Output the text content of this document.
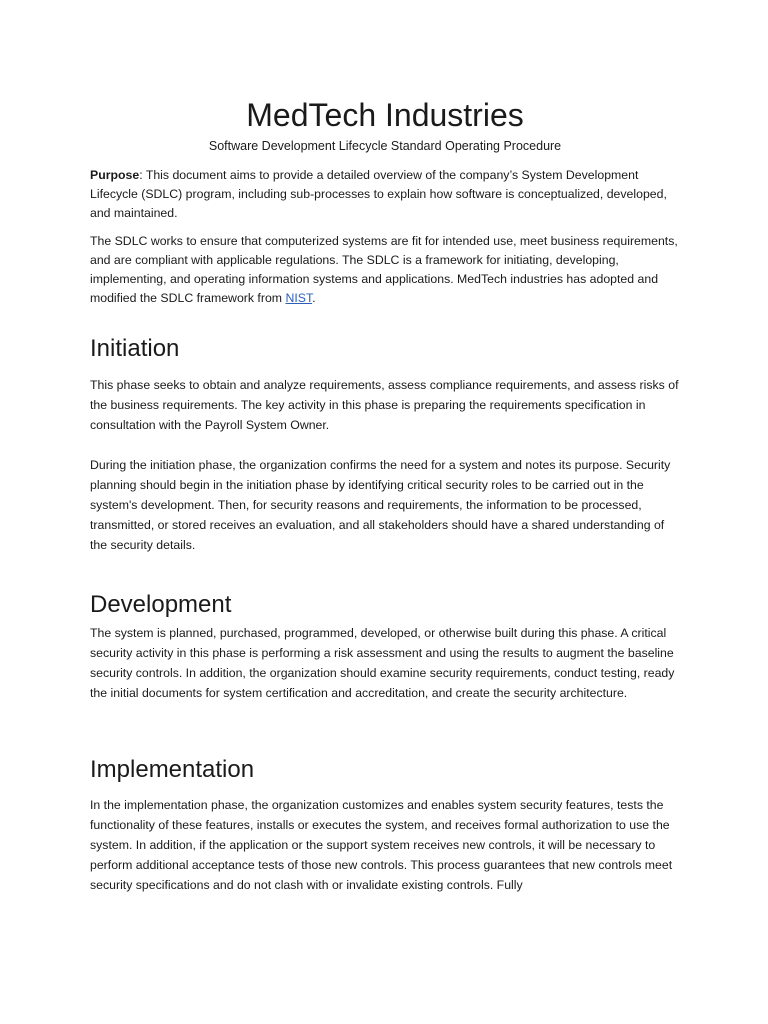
MedTech Industries
Software Development Lifecycle Standard Operating Procedure

Purpose: This document aims to provide a detailed overview of the company’s System Development Lifecycle (SDLC) program, including sub-processes to explain how software is conceptualized, developed, and maintained.

The SDLC works to ensure that computerized systems are fit for intended use, meet business requirements, and are compliant with applicable regulations. The SDLC is a framework for initiating, developing, implementing, and operating information systems and applications. MedTech industries has adopted and modified the SDLC framework from NIST.

Initiation

This phase seeks to obtain and analyze requirements, assess compliance requirements, and assess risks of the business requirements. The key activity in this phase is preparing the requirements specification in consultation with the Payroll System Owner.

During the initiation phase, the organization confirms the need for a system and notes its purpose. Security planning should begin in the initiation phase by identifying critical security roles to be carried out in the system's development. Then, for security reasons and requirements, the information to be processed, transmitted, or stored receives an evaluation, and all stakeholders should have a shared understanding of the security details.

Development

The system is planned, purchased, programmed, developed, or otherwise built during this phase. A critical security activity in this phase is performing a risk assessment and using the results to augment the baseline security controls. In addition, the organization should examine security requirements, conduct testing, ready the initial documents for system certification and accreditation, and create the security architecture.

Implementation

In the implementation phase, the organization customizes and enables system security features, tests the functionality of these features, installs or executes the system, and receives formal authorization to use the system. In addition, if the application or the support system receives new controls, it will be necessary to perform additional acceptance tests of those new controls. This process guarantees that new controls meet security specifications and do not clash with or invalidate existing controls. Fully
